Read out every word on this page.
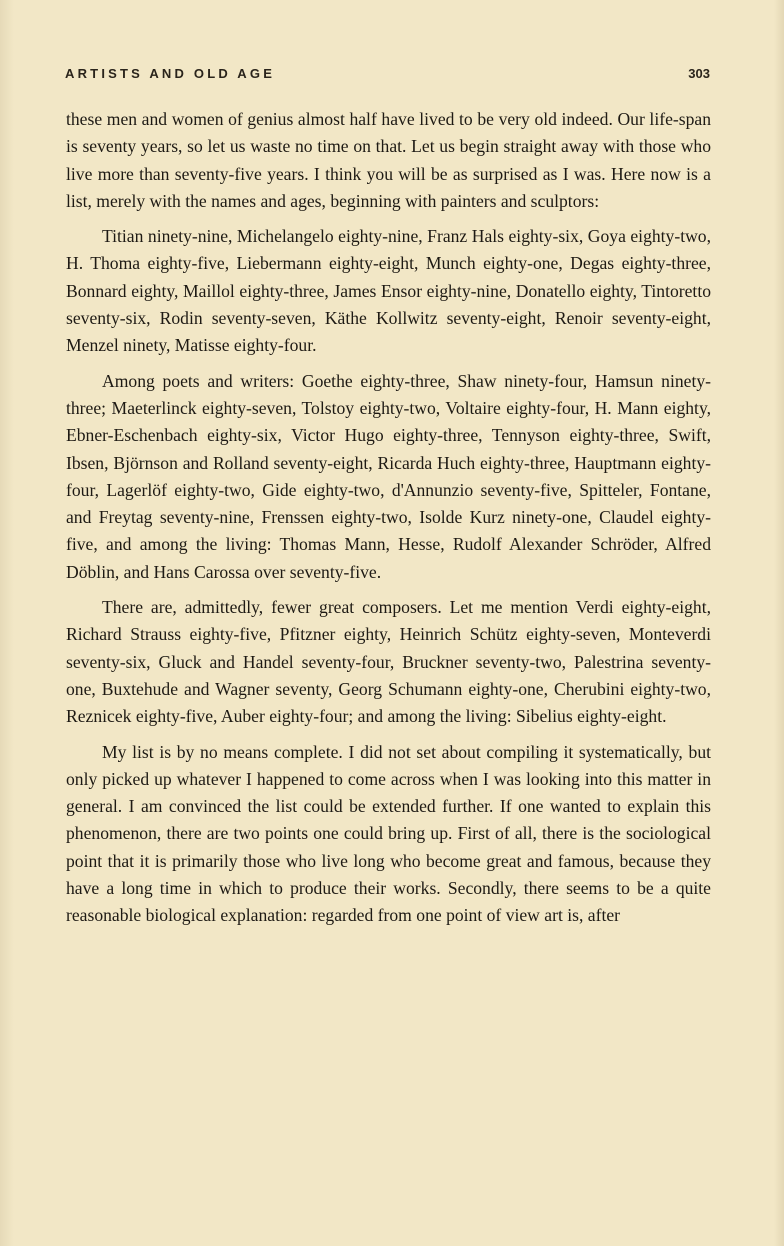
ARTISTS AND OLD AGE	303

these men and women of genius almost half have lived to be very old indeed. Our life-span is seventy years, so let us waste no time on that. Let us begin straight away with those who live more than seventy-five years. I think you will be as surprised as I was. Here now is a list, merely with the names and ages, beginning with painters and sculptors:

Titian ninety-nine, Michelangelo eighty-nine, Franz Hals eighty-six, Goya eighty-two, H. Thoma eighty-five, Liebermann eighty-eight, Munch eighty-one, Degas eighty-three, Bonnard eighty, Maillol eighty-three, James Ensor eighty-nine, Donatello eighty, Tintoretto seventy-six, Rodin seventy-seven, Käthe Kollwitz seventy-eight, Renoir seventy-eight, Menzel ninety, Matisse eighty-four.

Among poets and writers: Goethe eighty-three, Shaw ninety-four, Hamsun ninety-three; Maeterlinck eighty-seven, Tolstoy eighty-two, Voltaire eighty-four, H. Mann eighty, Ebner-Eschenbach eighty-six, Victor Hugo eighty-three, Tennyson eighty-three, Swift, Ibsen, Björnson and Rolland seventy-eight, Ricarda Huch eighty-three, Hauptmann eighty-four, Lagerlöf eighty-two, Gide eighty-two, d'Annunzio seventy-five, Spitteler, Fontane, and Freytag seventy-nine, Frenssen eighty-two, Isolde Kurz ninety-one, Claudel eighty-five, and among the living: Thomas Mann, Hesse, Rudolf Alexander Schröder, Alfred Döblin, and Hans Carossa over seventy-five.

There are, admittedly, fewer great composers. Let me mention Verdi eighty-eight, Richard Strauss eighty-five, Pfitzner eighty, Heinrich Schütz eighty-seven, Monteverdi seventy-six, Gluck and Handel seventy-four, Bruckner seventy-two, Palestrina seventy-one, Buxtehude and Wagner seventy, Georg Schumann eighty-one, Cherubini eighty-two, Reznicek eighty-five, Auber eighty-four; and among the living: Sibelius eighty-eight.

My list is by no means complete. I did not set about compiling it systematically, but only picked up whatever I happened to come across when I was looking into this matter in general. I am convinced the list could be extended further. If one wanted to explain this phenomenon, there are two points one could bring up. First of all, there is the sociological point that it is primarily those who live long who become great and famous, because they have a long time in which to produce their works. Secondly, there seems to be a quite reasonable biological explanation: regarded from one point of view art is, after
